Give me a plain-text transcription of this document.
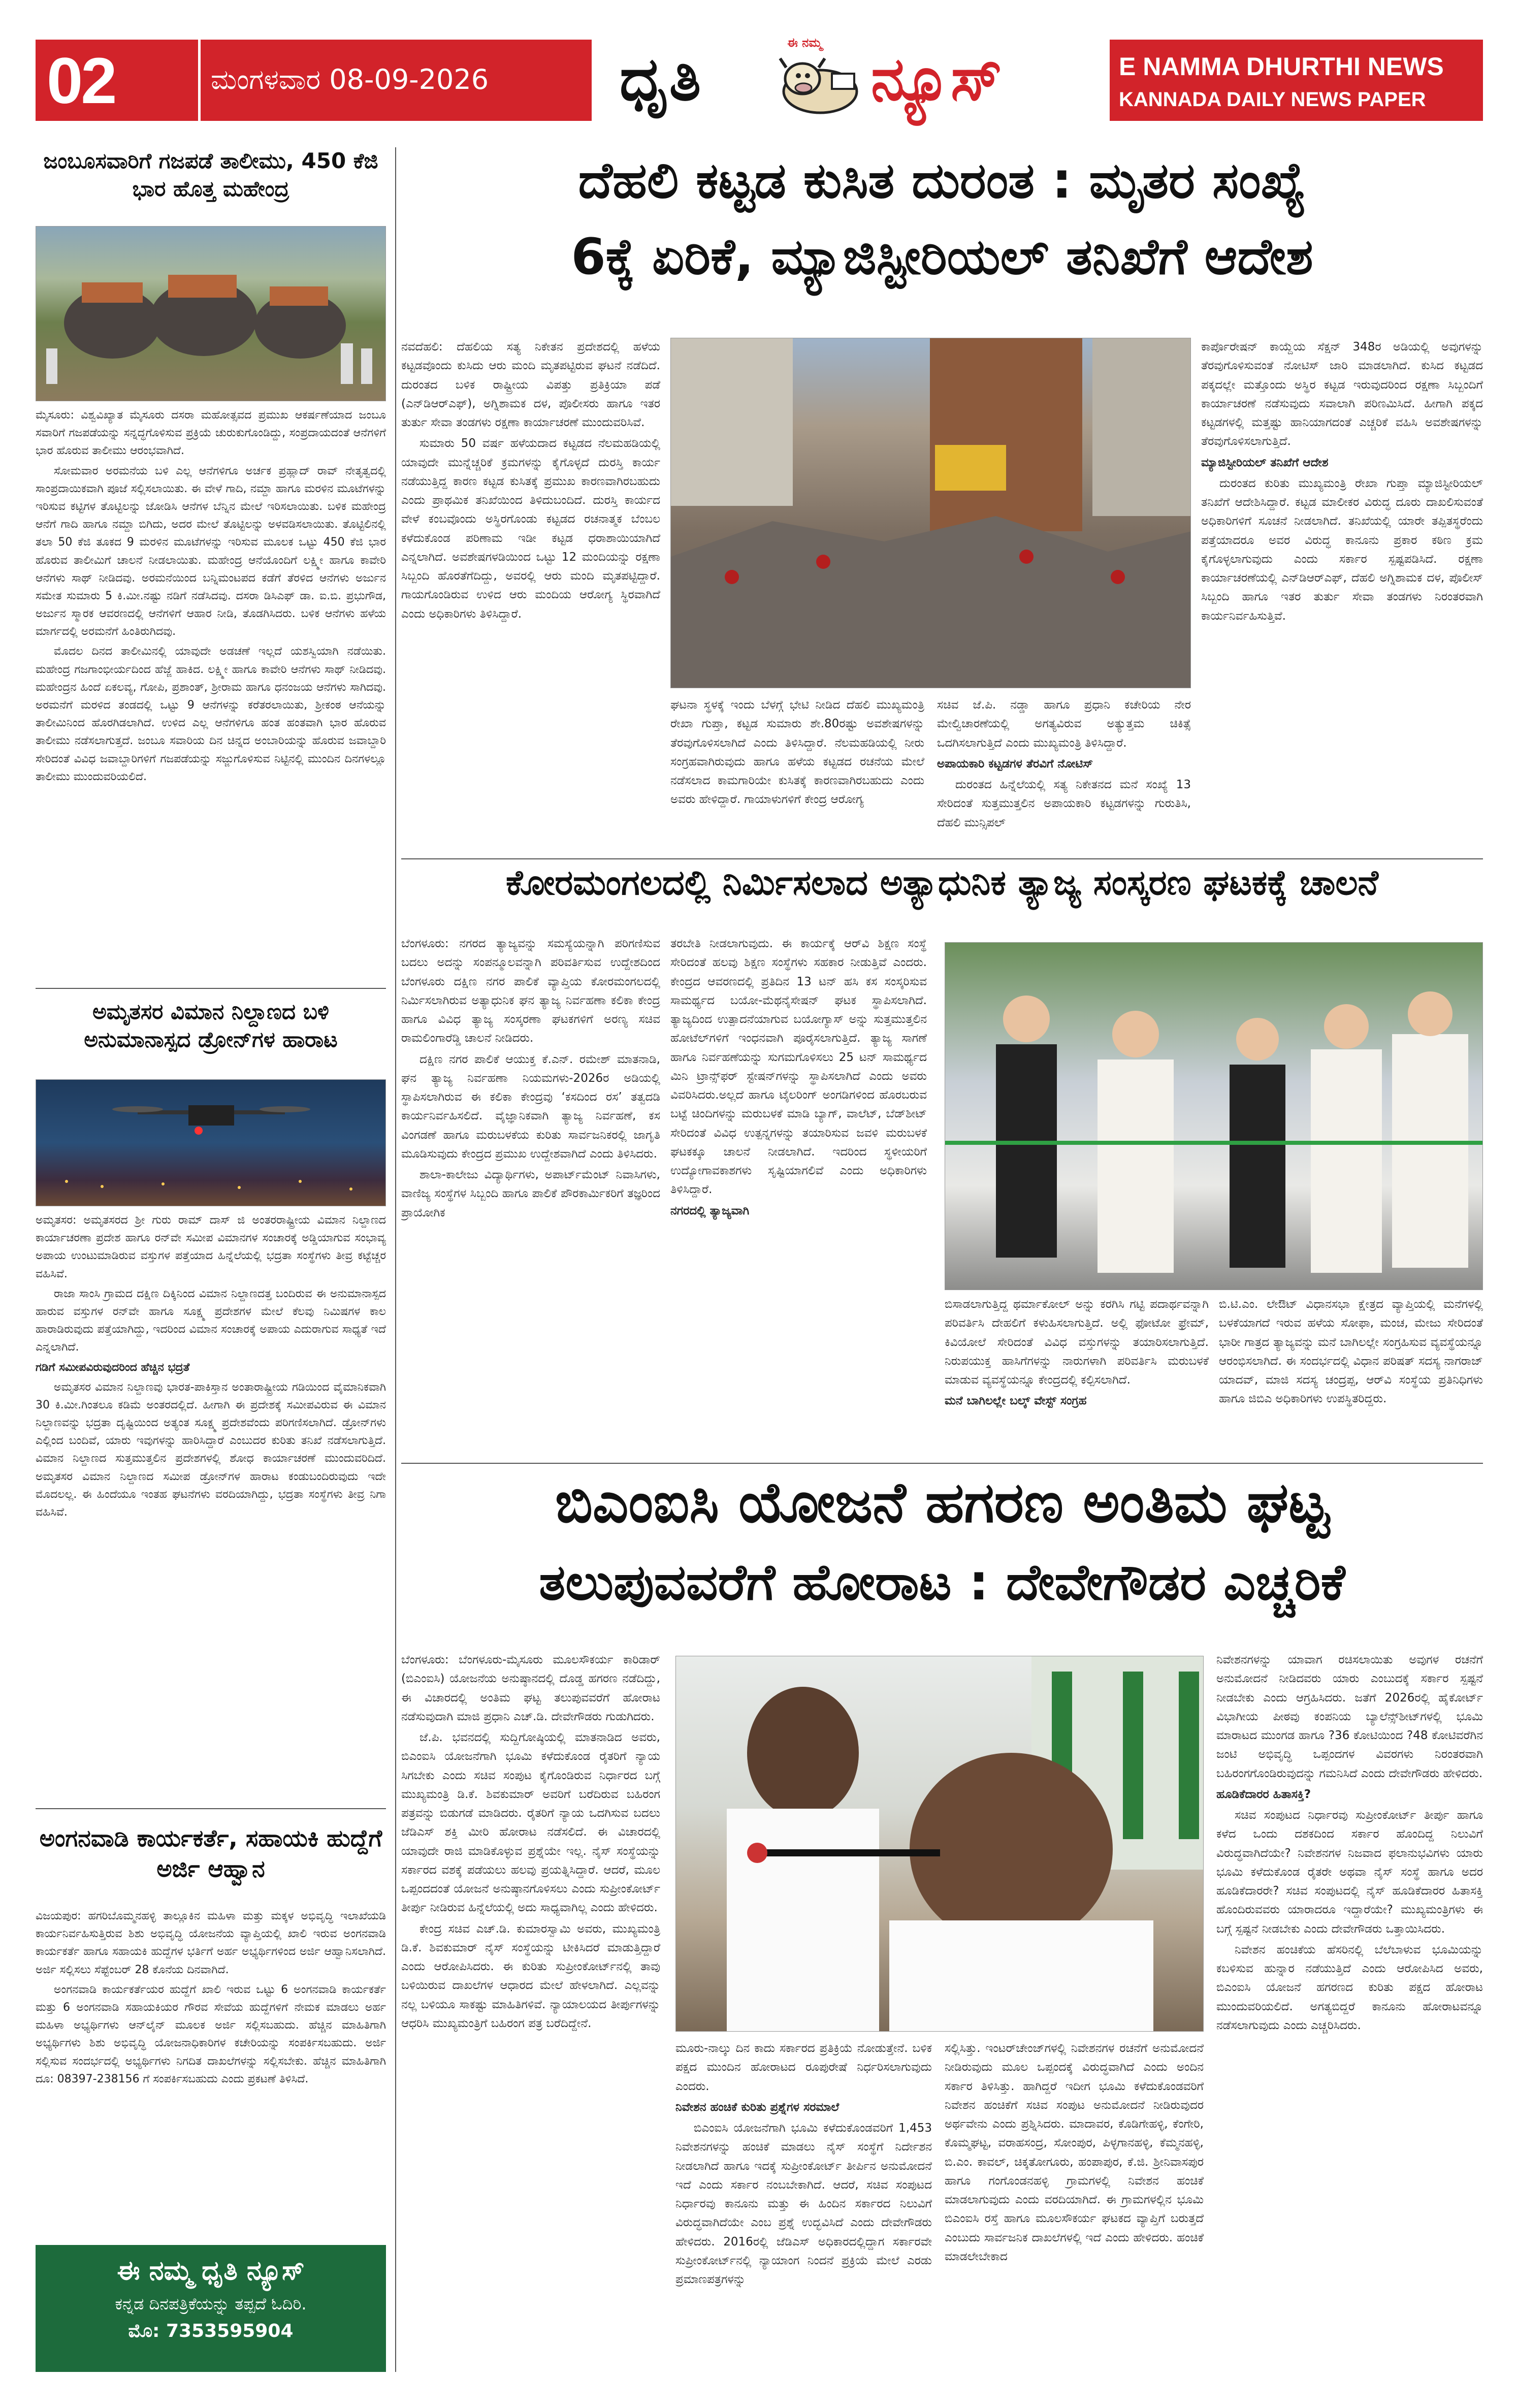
02	ಮಂಗಳವಾರ 08-09-2026 ಧೃತಿ
ಈ ನಮ್ಮ
ನ್ಯೂಸ್	E NAMMA DHURTHI NEWS
KANNADA DAILY NEWS PAPER
ಜಂಬೂಸವಾರಿಗೆ ಗಜಪಡೆ ತಾಲೀಮು, 450 ಕೆಜಿ ಭಾರ ಹೊತ್ತ ಮಹೇಂದ್ರ

ಮೈಸೂರು: ವಿಶ್ವವಿಖ್ಯಾತ ಮೈಸೂರು ದಸರಾ ಮಹೋತ್ಸವದ ಪ್ರಮುಖ ಆಕರ್ಷಣೆಯಾದ ಜಂಬೂ ಸವಾರಿಗೆ ಗಜಪಡೆಯನ್ನು ಸನ್ನದ್ಧಗೊಳಿಸುವ ಪ್ರಕ್ರಿಯೆ ಚುರುಕುಗೊಂಡಿದ್ದು, ಸಂಪ್ರದಾಯದಂತೆ ಆನೆಗಳಿಗೆ ಭಾರ ಹೊರುವ ತಾಲೀಮು ಆರಂಭವಾಗಿದೆ.

ಸೋಮವಾರ ಅರಮನೆಯ ಬಳಿ ಎಲ್ಲ ಆನೆಗಳಿಗೂ ಅರ್ಚಕ ಪ್ರಹ್ಲಾದ್ ರಾವ್ ನೇತೃತ್ವದಲ್ಲಿ ಸಾಂಪ್ರದಾಯಿಕವಾಗಿ ಪೂಜೆ ಸಲ್ಲಿಸಲಾಯಿತು. ಈ ವೇಳೆ ಗಾದಿ, ನಮ್ದಾ ಹಾಗೂ ಮರಳಿನ ಮೂಟೆಗಳನ್ನು ಇರಿಸುವ ಕಟ್ಟಿಗಳ ತೊಟ್ಟಿಲನ್ನು ಜೋಡಿಸಿ ಆನೆಗಳ ಬೆನ್ನಿನ ಮೇಲೆ ಇರಿಸಲಾಯಿತು. ಬಳಿಕ ಮಹೇಂದ್ರ ಆನೆಗೆ ಗಾದಿ ಹಾಗೂ ನಮ್ದಾ ಬಿಗಿದು, ಅದರ ಮೇಲೆ ತೊಟ್ಟಿಲನ್ನು ಅಳವಡಿಸಲಾಯಿತು. ತೊಟ್ಟಿಲಿನಲ್ಲಿ ತಲಾ 50 ಕೆಜಿ ತೂಕದ 9 ಮರಳಿನ ಮೂಟೆಗಳನ್ನು ಇರಿಸುವ ಮೂಲಕ ಒಟ್ಟು 450 ಕೆಜಿ ಭಾರ ಹೊರುವ ತಾಲೀಮಿಗೆ ಚಾಲನೆ ನೀಡಲಾಯಿತು. ಮಹೇಂದ್ರ ಆನೆಯೊಂದಿಗೆ ಲಕ್ಷ್ಮೀ ಹಾಗೂ ಕಾವೇರಿ ಆನೆಗಳು ಸಾಥ್ ನೀಡಿದವು. ಅರಮನೆಯಿಂದ ಬನ್ನಿಮಂಟಪದ ಕಡೆಗೆ ತೆರಳಿದ ಆನೆಗಳು ಅರ್ಜುನ ಸಮೇತ ಸುಮಾರು 5 ಕಿ.ಮೀ.ನಷ್ಟು ನಡಿಗೆ ನಡೆಸಿದವು. ದಸರಾ ಡಿಸಿಎಫ್ ಡಾ. ಐ.ಬಿ. ಪ್ರಭುಗೌಡ, ಅರ್ಜುನ ಸ್ಮಾರಕ ಆವರಣದಲ್ಲಿ ಆನೆಗಳಿಗೆ ಆಹಾರ ನೀಡಿ, ತೊಡಗಿಸಿದರು. ಬಳಿಕ ಆನೆಗಳು ಹಳೆಯ ಮಾರ್ಗದಲ್ಲಿ ಅರಮನೆಗೆ ಹಿಂತಿರುಗಿದವು.

ಮೊದಲ ದಿನದ ತಾಲೀಮಿನಲ್ಲಿ ಯಾವುದೇ ಅಡಚಣೆ ಇಲ್ಲದೆ ಯಶಸ್ವಿಯಾಗಿ ನಡೆಯಿತು. ಮಹೇಂದ್ರ ಗಜಗಾಂಭೀರ್ಯದಿಂದ ಹೆಜ್ಜೆ ಹಾಕಿದ. ಲಕ್ಷ್ಮೀ ಹಾಗೂ ಕಾವೇರಿ ಆನೆಗಳು ಸಾಥ್ ನೀಡಿದವು. ಮಹೇಂದ್ರನ ಹಿಂದೆ ಏಕಲವ್ಯ, ಗೋಪಿ, ಪ್ರಶಾಂತ್, ಶ್ರೀರಾಮ ಹಾಗೂ ಧನಂಜಯ ಆನೆಗಳು ಸಾಗಿದವು. ಅರಮನೆಗೆ ಮರಳಿದ ತಂಡದಲ್ಲಿ ಒಟ್ಟು 9 ಆನೆಗಳನ್ನು ಕರೆತರಲಾಯಿತು, ಶ್ರೀಕಂಠ ಆನೆಯನ್ನು ತಾಲೀಮಿನಿಂದ ಹೊರಗಿಡಲಾಗಿದೆ. ಉಳಿದ ಎಲ್ಲ ಆನೆಗಳಿಗೂ ಹಂತ ಹಂತವಾಗಿ ಭಾರ ಹೊರುವ ತಾಲೀಮು ನಡೆಸಲಾಗುತ್ತದೆ. ಜಂಬೂ ಸವಾರಿಯ ದಿನ ಚಿನ್ನದ ಅಂಬಾರಿಯನ್ನು ಹೊರುವ ಜವಾಬ್ದಾರಿ ಸೇರಿದಂತೆ ವಿವಿಧ ಜವಾಬ್ದಾರಿಗಳಿಗೆ ಗಜಪಡೆಯನ್ನು ಸಜ್ಜುಗೊಳಿಸುವ ನಿಟ್ಟಿನಲ್ಲಿ ಮುಂದಿನ ದಿನಗಳಲ್ಲೂ ತಾಲೀಮು ಮುಂದುವರಿಯಲಿದೆ.

ಅಮೃತಸರ ವಿಮಾನ ನಿಲ್ದಾಣದ ಬಳಿ ಅನುಮಾನಾಸ್ಪದ ಡ್ರೋನ್‌ಗಳ ಹಾರಾಟ

ಅಮೃತಸರ: ಅಮೃತಸರದ ಶ್ರೀ ಗುರು ರಾಮ್ ದಾಸ್ ಜಿ ಅಂತರರಾಷ್ಟ್ರೀಯ ವಿಮಾನ ನಿಲ್ದಾಣದ ಕಾರ್ಯಾಚರಣಾ ಪ್ರದೇಶ ಹಾಗೂ ರನ್‌ವೇ ಸಮೀಪ ವಿಮಾನಗಳ ಸಂಚಾರಕ್ಕೆ ಅಡ್ಡಿಯಾಗುವ ಸಂಭಾವ್ಯ ಅಪಾಯ ಉಂಟುಮಾಡಿರುವ ವಸ್ತುಗಳ ಪತ್ತೆಯಾದ ಹಿನ್ನೆಲೆಯಲ್ಲಿ ಭದ್ರತಾ ಸಂಸ್ಥೆಗಳು ತೀವ್ರ ಕಟ್ಟೆಚ್ಚರ ವಹಿಸಿವೆ.

ರಾಜಾ ಸಾಂಸಿ ಗ್ರಾಮದ ದಕ್ಷಿಣ ದಿಕ್ಕಿನಿಂದ ವಿಮಾನ ನಿಲ್ದಾಣದತ್ತ ಬಂದಿರುವ ಈ ಅನುಮಾನಾಸ್ಪದ ಹಾರುವ ವಸ್ತುಗಳ ರನ್‌ವೇ ಹಾಗೂ ಸೂಕ್ಷ್ಮ ಪ್ರದೇಶಗಳ ಮೇಲೆ ಕೆಲವು ನಿಮಿಷಗಳ ಕಾಲ ಹಾರಾಡಿರುವುದು ಪತ್ತೆಯಾಗಿದ್ದು, ಇದರಿಂದ ವಿಮಾನ ಸಂಚಾರಕ್ಕೆ ಅಪಾಯ ಎದುರಾಗುವ ಸಾಧ್ಯತೆ ಇದೆ ಎನ್ನಲಾಗಿದೆ.

ಗಡಿಗೆ ಸಮೀಪವಿರುವುದರಿಂದ ಹೆಚ್ಚಿನ ಭದ್ರತೆ

ಅಮೃತಸರ ವಿಮಾನ ನಿಲ್ದಾಣವು ಭಾರತ-ಪಾಕಿಸ್ತಾನ ಅಂತಾರಾಷ್ಟ್ರೀಯ ಗಡಿಯಿಂದ ವೈಮಾನಿಕವಾಗಿ 30 ಕಿ.ಮೀ.ಗಿಂತಲೂ ಕಡಿಮೆ ಅಂತರದಲ್ಲಿದೆ. ಹೀಗಾಗಿ ಈ ಪ್ರದೇಶಕ್ಕೆ ಸಮೀಪವಿರುವ ಈ ವಿಮಾನ ನಿಲ್ದಾಣವನ್ನು ಭದ್ರತಾ ದೃಷ್ಟಿಯಿಂದ ಅತ್ಯಂತ ಸೂಕ್ಷ್ಮ ಪ್ರದೇಶವೆಂದು ಪರಿಗಣಿಸಲಾಗಿದೆ. ಡ್ರೋನ್‌ಗಳು ಎಲ್ಲಿಂದ ಬಂದಿವೆ, ಯಾರು ಇವುಗಳನ್ನು ಹಾರಿಸಿದ್ದಾರೆ ಎಂಬುದರ ಕುರಿತು ತನಿಖೆ ನಡೆಸಲಾಗುತ್ತಿದೆ. ವಿಮಾನ ನಿಲ್ದಾಣದ ಸುತ್ತಮುತ್ತಲಿನ ಪ್ರದೇಶಗಳಲ್ಲಿ ಶೋಧ ಕಾರ್ಯಾಚರಣೆ ಮುಂದುವರಿದಿದೆ. ಅಮೃತಸರ ವಿಮಾನ ನಿಲ್ದಾಣದ ಸಮೀಪ ಡ್ರೋನ್‌ಗಳ ಹಾರಾಟ ಕಂಡುಬಂದಿರುವುದು ಇದೇ ಮೊದಲಲ್ಲ. ಈ ಹಿಂದೆಯೂ ಇಂತಹ ಘಟನೆಗಳು ವರದಿಯಾಗಿದ್ದು, ಭದ್ರತಾ ಸಂಸ್ಥೆಗಳು ತೀವ್ರ ನಿಗಾ ವಹಿಸಿವೆ.

ಅಂಗನವಾಡಿ ಕಾರ್ಯಕರ್ತೆ, ಸಹಾಯಕಿ ಹುದ್ದೆಗೆ ಅರ್ಜಿ ಆಹ್ವಾನ

ವಿಜಯಪುರ: ಹಗರಿಬೊಮ್ಮನಹಳ್ಳಿ ತಾಲ್ಲೂಕಿನ ಮಹಿಳಾ ಮತ್ತು ಮಕ್ಕಳ ಅಭಿವೃದ್ಧಿ ಇಲಾಖೆಯಡಿ ಕಾರ್ಯನಿರ್ವಹಿಸುತ್ತಿರುವ ಶಿಶು ಅಭಿವೃದ್ಧಿ ಯೋಜನೆಯ ವ್ಯಾಪ್ತಿಯಲ್ಲಿ ಖಾಲಿ ಇರುವ ಅಂಗನವಾಡಿ ಕಾರ್ಯಕರ್ತೆ ಹಾಗೂ ಸಹಾಯಕಿ ಹುದ್ದೆಗಳ ಭರ್ತಿಗೆ ಅರ್ಹ ಅಭ್ಯರ್ಥಿಗಳಿಂದ ಅರ್ಜಿ ಆಹ್ವಾನಿಸಲಾಗಿದೆ. ಅರ್ಜಿ ಸಲ್ಲಿಸಲು ಸೆಪ್ಟೆಂಬರ್ 28 ಕೊನೆಯ ದಿನವಾಗಿದೆ.

ಅಂಗನವಾಡಿ ಕಾರ್ಯಕರ್ತೆಯರ ಹುದ್ದೆಗೆ ಖಾಲಿ ಇರುವ ಒಟ್ಟು 6 ಅಂಗನವಾಡಿ ಕಾರ್ಯಕರ್ತೆ ಮತ್ತು 6 ಅಂಗನವಾಡಿ ಸಹಾಯಕಿಯರ ಗೌರವ ಸೇವೆಯ ಹುದ್ದೆಗಳಿಗೆ ನೇಮಕ ಮಾಡಲು ಅರ್ಹ ಮಹಿಳಾ ಅಭ್ಯರ್ಥಿಗಳು ಆನ್‌ಲೈನ್ ಮೂಲಕ ಅರ್ಜಿ ಸಲ್ಲಿಸಬಹುದು. ಹೆಚ್ಚಿನ ಮಾಹಿತಿಗಾಗಿ ಅಭ್ಯರ್ಥಿಗಳು ಶಿಶು ಅಭಿವೃದ್ಧಿ ಯೋಜನಾಧಿಕಾರಿಗಳ ಕಚೇರಿಯನ್ನು ಸಂಪರ್ಕಿಸಬಹುದು. ಅರ್ಜಿ ಸಲ್ಲಿಸುವ ಸಂದರ್ಭದಲ್ಲಿ ಅಭ್ಯರ್ಥಿಗಳು ನಿಗದಿತ ದಾಖಲೆಗಳನ್ನು ಸಲ್ಲಿಸಬೇಕು. ಹೆಚ್ಚಿನ ಮಾಹಿತಿಗಾಗಿ ದೂ: 08397-238156 ಗೆ ಸಂಪರ್ಕಿಸಬಹುದು ಎಂದು ಪ್ರಕಟಣೆ ತಿಳಿಸಿದೆ.

ಈ ನಮ್ಮ ಧೃತಿ ನ್ಯೂಸ್
ಕನ್ನಡ ದಿನಪತ್ರಿಕೆಯನ್ನು ತಪ್ಪದೆ ಓದಿರಿ.
ಮೊ: 7353595904
ದೆಹಲಿ ಕಟ್ಟಡ ಕುಸಿತ ದುರಂತ : ಮೃತರ ಸಂಖ್ಯೆ
6ಕ್ಕೆ ಏರಿಕೆ, ಮ್ಯಾಜಿಸ್ಟೀರಿಯಲ್ ತನಿಖೆಗೆ ಆದೇಶ

ನವದೆಹಲಿ: ದೆಹಲಿಯ ಸತ್ಯ ನಿಕೇತನ ಪ್ರದೇಶದಲ್ಲಿ ಹಳೆಯ ಕಟ್ಟಡವೊಂದು ಕುಸಿದು ಆರು ಮಂದಿ ಮೃತಪಟ್ಟಿರುವ ಘಟನೆ ನಡೆದಿದೆ. ದುರಂತದ ಬಳಿಕ ರಾಷ್ಟ್ರೀಯ ವಿಪತ್ತು ಪ್ರತಿಕ್ರಿಯಾ ಪಡೆ (ಎನ್‌ಡಿಆರ್‌ಎಫ್), ಅಗ್ನಿಶಾಮಕ ದಳ, ಪೊಲೀಸರು ಹಾಗೂ ಇತರ ತುರ್ತು ಸೇವಾ ತಂಡಗಳು ರಕ್ಷಣಾ ಕಾರ್ಯಾಚರಣೆ ಮುಂದುವರಿಸಿವೆ.

ಸುಮಾರು 50 ವರ್ಷ ಹಳೆಯದಾದ ಕಟ್ಟಡದ ನೆಲಮಹಡಿಯಲ್ಲಿ ಯಾವುದೇ ಮುನ್ನೆಚ್ಚರಿಕೆ ಕ್ರಮಗಳನ್ನು ಕೈಗೊಳ್ಳದೆ ದುರಸ್ತಿ ಕಾರ್ಯ ನಡೆಯುತ್ತಿದ್ದ ಕಾರಣ ಕಟ್ಟಡ ಕುಸಿತಕ್ಕೆ ಪ್ರಮುಖ ಕಾರಣವಾಗಿರಬಹುದು ಎಂದು ಪ್ರಾಥಮಿಕ ತನಿಖೆಯಿಂದ ತಿಳಿದುಬಂದಿದೆ. ದುರಸ್ತಿ ಕಾರ್ಯದ ವೇಳೆ ಕಂಬವೊಂದು ಅಸ್ಥಿರಗೊಂಡು ಕಟ್ಟಡದ ರಚನಾತ್ಮಕ ಬೆಂಬಲ ಕಳೆದುಕೊಂಡ ಪರಿಣಾಮ ಇಡೀ ಕಟ್ಟಡ ಧರಾಶಾಯಿಯಾಗಿದೆ ಎನ್ನಲಾಗಿದೆ. ಅವಶೇಷಗಳಡಿಯಿಂದ ಒಟ್ಟು 12 ಮಂದಿಯನ್ನು ರಕ್ಷಣಾ ಸಿಬ್ಬಂದಿ ಹೊರತೆಗೆದಿದ್ದು, ಅವರಲ್ಲಿ ಆರು ಮಂದಿ ಮೃತಪಟ್ಟಿದ್ದಾರೆ. ಗಾಯಗೊಂಡಿರುವ ಉಳಿದ ಆರು ಮಂದಿಯ ಆರೋಗ್ಯ ಸ್ಥಿರವಾಗಿದೆ ಎಂದು ಅಧಿಕಾರಿಗಳು ತಿಳಿಸಿದ್ದಾರೆ.

ಘಟನಾ ಸ್ಥಳಕ್ಕೆ ಇಂದು ಬೆಳಗ್ಗೆ ಭೇಟಿ ನೀಡಿದ ದೆಹಲಿ ಮುಖ್ಯಮಂತ್ರಿ ರೇಖಾ ಗುಪ್ತಾ, ಕಟ್ಟಡ ಸುಮಾರು ಶೇ.80ರಷ್ಟು ಅವಶೇಷಗಳನ್ನು ತೆರವುಗೊಳಿಸಲಾಗಿದೆ ಎಂದು ತಿಳಿಸಿದ್ದಾರೆ. ನೆಲಮಹಡಿಯಲ್ಲಿ ನೀರು ಸಂಗ್ರಹವಾಗಿರುವುದು ಹಾಗೂ ಹಳೆಯ ಕಟ್ಟಡದ ರಚನೆಯ ಮೇಲೆ ನಡೆಸಲಾದ ಕಾಮಗಾರಿಯೇ ಕುಸಿತಕ್ಕೆ ಕಾರಣವಾಗಿರಬಹುದು ಎಂದು ಅವರು ಹೇಳಿದ್ದಾರೆ. ಗಾಯಾಳುಗಳಿಗೆ ಕೇಂದ್ರ ಆರೋಗ್ಯ

ಸಚಿವ ಜೆ.ಪಿ. ನಡ್ಡಾ ಹಾಗೂ ಪ್ರಧಾನಿ ಕಚೇರಿಯ ನೇರ ಮೇಲ್ವಿಚಾರಣೆಯಲ್ಲಿ ಅಗತ್ಯವಿರುವ ಅತ್ಯುತ್ತಮ ಚಿಕಿತ್ಸೆ ಒದಗಿಸಲಾಗುತ್ತಿದೆ ಎಂದು ಮುಖ್ಯಮಂತ್ರಿ ತಿಳಿಸಿದ್ದಾರೆ.

ಅಪಾಯಕಾರಿ ಕಟ್ಟಡಗಳ ತೆರವಿಗೆ ನೋಟಿಸ್

ದುರಂತದ ಹಿನ್ನೆಲೆಯಲ್ಲಿ ಸತ್ಯ ನಿಕೇತನದ ಮನೆ ಸಂಖ್ಯೆ 13 ಸೇರಿದಂತೆ ಸುತ್ತಮುತ್ತಲಿನ ಅಪಾಯಕಾರಿ ಕಟ್ಟಡಗಳನ್ನು ಗುರುತಿಸಿ, ದೆಹಲಿ ಮುನ್ಸಿಪಲ್

ಕಾರ್ಪೊರೇಷನ್ ಕಾಯ್ದೆಯ ಸೆಕ್ಷನ್ 348ರ ಅಡಿಯಲ್ಲಿ ಅವುಗಳನ್ನು ತೆರವುಗೊಳಿಸುವಂತೆ ನೋಟಿಸ್ ಜಾರಿ ಮಾಡಲಾಗಿದೆ. ಕುಸಿದ ಕಟ್ಟಡದ ಪಕ್ಕದಲ್ಲೇ ಮತ್ತೊಂದು ಅಸ್ಥಿರ ಕಟ್ಟಡ ಇರುವುದರಿಂದ ರಕ್ಷಣಾ ಸಿಬ್ಬಂದಿಗೆ ಕಾರ್ಯಾಚರಣೆ ನಡೆಸುವುದು ಸವಾಲಾಗಿ ಪರಿಣಮಿಸಿದೆ. ಹೀಗಾಗಿ ಪಕ್ಕದ ಕಟ್ಟಡಗಳಲ್ಲಿ ಮತ್ತಷ್ಟು ಹಾನಿಯಾಗದಂತೆ ಎಚ್ಚರಿಕೆ ವಹಿಸಿ ಅವಶೇಷಗಳನ್ನು ತೆರವುಗೊಳಿಸಲಾಗುತ್ತಿದೆ.

ಮ್ಯಾಜಿಸ್ಟೀರಿಯಲ್ ತನಿಖೆಗೆ ಆದೇಶ

ದುರಂತದ ಕುರಿತು ಮುಖ್ಯಮಂತ್ರಿ ರೇಖಾ ಗುಪ್ತಾ ಮ್ಯಾಜಿಸ್ಟೀರಿಯಲ್ ತನಿಖೆಗೆ ಆದೇಶಿಸಿದ್ದಾರೆ. ಕಟ್ಟಡ ಮಾಲೀಕರ ವಿರುದ್ಧ ದೂರು ದಾಖಲಿಸುವಂತೆ ಅಧಿಕಾರಿಗಳಿಗೆ ಸೂಚನೆ ನೀಡಲಾಗಿದೆ. ತನಿಖೆಯಲ್ಲಿ ಯಾರೇ ತಪ್ಪಿತಸ್ಥರೆಂದು ಪತ್ತೆಯಾದರೂ ಅವರ ವಿರುದ್ಧ ಕಾನೂನು ಪ್ರಕಾರ ಕಠಿಣ ಕ್ರಮ ಕೈಗೊಳ್ಳಲಾಗುವುದು ಎಂದು ಸರ್ಕಾರ ಸ್ಪಷ್ಟಪಡಿಸಿದೆ. ರಕ್ಷಣಾ ಕಾರ್ಯಾಚರಣೆಯಲ್ಲಿ ಎನ್‌ಡಿಆರ್‌ಎಫ್, ದೆಹಲಿ ಅಗ್ನಿಶಾಮಕ ದಳ, ಪೊಲೀಸ್ ಸಿಬ್ಬಂದಿ ಹಾಗೂ ಇತರ ತುರ್ತು ಸೇವಾ ತಂಡಗಳು ನಿರಂತರವಾಗಿ ಕಾರ್ಯನಿರ್ವಹಿಸುತ್ತಿವೆ.

ಕೋರಮಂಗಲದಲ್ಲಿ ನಿರ್ಮಿಸಲಾದ ಅತ್ಯಾಧುನಿಕ ತ್ಯಾಜ್ಯ ಸಂಸ್ಕರಣ ಘಟಕಕ್ಕೆ ಚಾಲನೆ

ಬೆಂಗಳೂರು: ನಗರದ ತ್ಯಾಜ್ಯವನ್ನು ಸಮಸ್ಯೆಯನ್ನಾಗಿ ಪರಿಗಣಿಸುವ ಬದಲು ಅದನ್ನು ಸಂಪನ್ಮೂಲವನ್ನಾಗಿ ಪರಿವರ್ತಿಸುವ ಉದ್ದೇಶದಿಂದ ಬೆಂಗಳೂರು ದಕ್ಷಿಣ ನಗರ ಪಾಲಿಕೆ ವ್ಯಾಪ್ತಿಯ ಕೋರಮಂಗಲದಲ್ಲಿ ನಿರ್ಮಿಸಲಾಗಿರುವ ಅತ್ಯಾಧುನಿಕ ಘನ ತ್ಯಾಜ್ಯ ನಿರ್ವಹಣಾ ಕಲಿಕಾ ಕೇಂದ್ರ ಹಾಗೂ ವಿವಿಧ ತ್ಯಾಜ್ಯ ಸಂಸ್ಕರಣಾ ಘಟಕಗಳಿಗೆ ಅರಣ್ಯ ಸಚಿವ ರಾಮಲಿಂಗಾರೆಡ್ಡಿ ಚಾಲನೆ ನೀಡಿದರು.

ದಕ್ಷಿಣ ನಗರ ಪಾಲಿಕೆ ಆಯುಕ್ತ ಕೆ.ಎನ್. ರಮೇಶ್ ಮಾತನಾಡಿ, ಘನ ತ್ಯಾಜ್ಯ ನಿರ್ವಹಣಾ ನಿಯಮಗಳು-2026ರ ಅಡಿಯಲ್ಲಿ ಸ್ಥಾಪಿಸಲಾಗಿರುವ ಈ ಕಲಿಕಾ ಕೇಂದ್ರವು ‘ಕಸದಿಂದ ರಸ’ ತತ್ವದಡಿ ಕಾರ್ಯನಿರ್ವಹಿಸಲಿದೆ. ವೈಜ್ಞಾನಿಕವಾಗಿ ತ್ಯಾಜ್ಯ ನಿರ್ವಹಣೆ, ಕಸ ವಿಂಗಡಣೆ ಹಾಗೂ ಮರುಬಳಕೆಯ ಕುರಿತು ಸಾರ್ವಜನಿಕರಲ್ಲಿ ಜಾಗೃತಿ ಮೂಡಿಸುವುದು ಕೇಂದ್ರದ ಪ್ರಮುಖ ಉದ್ದೇಶವಾಗಿದೆ ಎಂದು ತಿಳಿಸಿದರು.

ಶಾಲಾ-ಕಾಲೇಜು ವಿದ್ಯಾರ್ಥಿಗಳು, ಅಪಾರ್ಟ್‌ಮೆಂಟ್ ನಿವಾಸಿಗಳು, ವಾಣಿಜ್ಯ ಸಂಸ್ಥೆಗಳ ಸಿಬ್ಬಂದಿ ಹಾಗೂ ಪಾಲಿಕೆ ಪೌರಕಾರ್ಮಿಕರಿಗೆ ತಜ್ಞರಿಂದ ಪ್ರಾಯೋಗಿಕ

ತರಬೇತಿ ನೀಡಲಾಗುವುದು. ಈ ಕಾರ್ಯಕ್ಕೆ ಆರ್‌ವಿ ಶಿಕ್ಷಣ ಸಂಸ್ಥೆ ಸೇರಿದಂತೆ ಹಲವು ಶಿಕ್ಷಣ ಸಂಸ್ಥೆಗಳು ಸಹಕಾರ ನೀಡುತ್ತಿವೆ ಎಂದರು. ಕೇಂದ್ರದ ಆವರಣದಲ್ಲಿ ಪ್ರತಿದಿನ 13 ಟನ್ ಹಸಿ ಕಸ ಸಂಸ್ಕರಿಸುವ ಸಾಮರ್ಥ್ಯದ ಬಯೋ-ಮೆಥನೈಸೇಷನ್ ಘಟಕ ಸ್ಥಾಪಿಸಲಾಗಿದೆ. ತ್ಯಾಜ್ಯದಿಂದ ಉತ್ಪಾದನೆಯಾಗುವ ಬಯೋಗ್ಯಾಸ್ ಅನ್ನು ಸುತ್ತಮುತ್ತಲಿನ ಹೋಟೆಲ್‌ಗಳಿಗೆ ಇಂಧನವಾಗಿ ಪೂರೈಸಲಾಗುತ್ತಿದೆ. ತ್ಯಾಜ್ಯ ಸಾಗಣೆ ಹಾಗೂ ನಿರ್ವಹಣೆಯನ್ನು ಸುಗಮಗೊಳಿಸಲು 25 ಟನ್ ಸಾಮರ್ಥ್ಯದ ಮಿನಿ ಟ್ರಾನ್ಸ್‌ಫರ್ ಸ್ಟೇಷನ್‌ಗಳನ್ನು ಸ್ಥಾಪಿಸಲಾಗಿದೆ ಎಂದು ಅವರು ವಿವರಿಸಿದರು.ಅಲ್ಲದೆ ಹಾಗೂ ಟೈಲರಿಂಗ್ ಅಂಗಡಿಗಳಿಂದ ಹೊರಬರುವ ಬಟ್ಟೆ ಚಿಂದಿಗಳನ್ನು ಮರುಬಳಕೆ ಮಾಡಿ ಬ್ಯಾಗ್, ವಾಲೆಟ್, ಬೆಡ್‌ಶೀಟ್ ಸೇರಿದಂತೆ ವಿವಿಧ ಉತ್ಪನ್ನಗಳನ್ನು ತಯಾರಿಸುವ ಜವಳಿ ಮರುಬಳಕೆ ಘಟಕಕ್ಕೂ ಚಾಲನೆ ನೀಡಲಾಗಿದೆ. ಇದರಿಂದ ಸ್ಥಳೀಯರಿಗೆ ಉದ್ಯೋಗಾವಕಾಶಗಳು ಸೃಷ್ಟಿಯಾಗಲಿವೆ ಎಂದು ಅಧಿಕಾರಿಗಳು ತಿಳಿಸಿದ್ದಾರೆ.

ನಗರದಲ್ಲಿ ತ್ಯಾಜ್ಯವಾಗಿ

ಬಿಸಾಡಲಾಗುತ್ತಿದ್ದ ಥರ್ಮಾಕೋಲ್ ಅನ್ನು ಕರಗಿಸಿ ಗಟ್ಟಿ ಪದಾರ್ಥವನ್ನಾಗಿ ಪರಿವರ್ತಿಸಿ ದೇಹಲಿಗೆ ಕಳುಹಿಸಲಾಗುತ್ತಿದೆ. ಅಲ್ಲಿ ಫೋಟೋ ಫ್ರೇಮ್, ಕಿವಿಯೋಲೆ ಸೇರಿದಂತೆ ವಿವಿಧ ವಸ್ತುಗಳನ್ನು ತಯಾರಿಸಲಾಗುತ್ತಿದೆ. ನಿರುಪಯುಕ್ತ ಹಾಸಿಗೆಗಳನ್ನು ನಾರುಗಳಾಗಿ ಪರಿವರ್ತಿಸಿ ಮರುಬಳಕೆ ಮಾಡುವ ವ್ಯವಸ್ಥೆಯನ್ನೂ ಕೇಂದ್ರದಲ್ಲಿ ಕಲ್ಪಿಸಲಾಗಿದೆ.

ಮನೆ ಬಾಗಿಲಲ್ಲೇ ಬಲ್ಕ್ ವೇಸ್ಟ್ ಸಂಗ್ರಹ

ಬಿ.ಟಿ.ಎಂ. ಲೇಔಟ್ ವಿಧಾನಸಭಾ ಕ್ಷೇತ್ರದ ವ್ಯಾಪ್ತಿಯಲ್ಲಿ ಮನೆಗಳಲ್ಲಿ ಬಳಕೆಯಾಗದೆ ಇರುವ ಹಳೆಯ ಸೋಫಾ, ಮಂಚ, ಮೇಜು ಸೇರಿದಂತೆ ಭಾರೀ ಗಾತ್ರದ ತ್ಯಾಜ್ಯವನ್ನು ಮನೆ ಬಾಗಿಲಲ್ಲೇ ಸಂಗ್ರಹಿಸುವ ವ್ಯವಸ್ಥೆಯನ್ನೂ ಆರಂಭಿಸಲಾಗಿದೆ. ಈ ಸಂದರ್ಭದಲ್ಲಿ ವಿಧಾನ ಪರಿಷತ್ ಸದಸ್ಯ ನಾಗರಾಜ್ ಯಾದವ್, ಮಾಜಿ ಸದಸ್ಯ ಚಂದ್ರಪ್ಪ, ಆರ್‌ವಿ ಸಂಸ್ಥೆಯ ಪ್ರತಿನಿಧಿಗಳು ಹಾಗೂ ಜಿಬಿಎ ಅಧಿಕಾರಿಗಳು ಉಪಸ್ಥಿತರಿದ್ದರು.
ಬಿಎಂಐಸಿ ಯೋಜನೆ ಹಗರಣ ಅಂತಿಮ ಘಟ್ಟ
ತಲುಪುವವರೆಗೆ ಹೋರಾಟ : ದೇವೇಗೌಡರ ಎಚ್ಚರಿಕೆ

ಬೆಂಗಳೂರು: ಬೆಂಗಳೂರು-ಮೈಸೂರು ಮೂಲಸೌಕರ್ಯ ಕಾರಿಡಾರ್ (ಬಿಎಂಐಸಿ) ಯೋಜನೆಯ ಅನುಷ್ಠಾನದಲ್ಲಿ ದೊಡ್ಡ ಹಗರಣ ನಡೆದಿದ್ದು, ಈ ವಿಚಾರದಲ್ಲಿ ಅಂತಿಮ ಘಟ್ಟ ತಲುಪುವವರೆಗೆ ಹೋರಾಟ ನಡೆಸುವುದಾಗಿ ಮಾಜಿ ಪ್ರಧಾನಿ ಎಚ್.ಡಿ. ದೇವೇಗೌಡರು ಗುಡುಗಿದರು.

ಜೆ.ಪಿ. ಭವನದಲ್ಲಿ ಸುದ್ದಿಗೋಷ್ಠಿಯಲ್ಲಿ ಮಾತನಾಡಿದ ಅವರು, ಬಿಎಂಐಸಿ ಯೋಜನೆಗಾಗಿ ಭೂಮಿ ಕಳೆದುಕೊಂಡ ರೈತರಿಗೆ ನ್ಯಾಯ ಸಿಗಬೇಕು ಎಂದು ಸಚಿವ ಸಂಪುಟ ಕೈಗೊಂಡಿರುವ ನಿರ್ಧಾರದ ಬಗ್ಗೆ ಮುಖ್ಯಮಂತ್ರಿ ಡಿ.ಕೆ. ಶಿವಕುಮಾರ್ ಅವರಿಗೆ ಬರೆದಿರುವ ಬಹಿರಂಗ ಪತ್ರವನ್ನು ಬಿಡುಗಡೆ ಮಾಡಿದರು. ರೈತರಿಗೆ ನ್ಯಾಯ ಒದಗಿಸುವ ಬದಲು ಜೆಡಿಎಸ್ ಶಕ್ತಿ ಮೀರಿ ಹೋರಾಟ ನಡೆಸಲಿದೆ. ಈ ವಿಚಾರದಲ್ಲಿ ಯಾವುದೇ ರಾಜಿ ಮಾಡಿಕೊಳ್ಳುವ ಪ್ರಶ್ನೆಯೇ ಇಲ್ಲ. ನೈಸ್ ಸಂಸ್ಥೆಯನ್ನು ಸರ್ಕಾರದ ವಶಕ್ಕೆ ಪಡೆಯಲು ಹಲವು ಪ್ರಯತ್ನಿಸಿದ್ದಾರೆ. ಆದರೆ, ಮೂಲ ಒಪ್ಪಂದದಂತೆ ಯೋಜನೆ ಅನುಷ್ಠಾನಗೊಳಿಸಲು ಎಂದು ಸುಪ್ರೀಂಕೋರ್ಟ್ ತೀರ್ಪು ನೀಡಿರುವ ಹಿನ್ನೆಲೆಯಲ್ಲಿ ಅದು ಸಾಧ್ಯವಾಗಿಲ್ಲ ಎಂದು ಹೇಳಿದರು.

ಕೇಂದ್ರ ಸಚಿವ ಎಚ್.ಡಿ. ಕುಮಾರಸ್ವಾಮಿ ಅವರು, ಮುಖ್ಯಮಂತ್ರಿ ಡಿ.ಕೆ. ಶಿವಕುಮಾರ್ ನೈಸ್ ಸಂಸ್ಥೆಯನ್ನು ಟೀಕಿಸಿದರೆ ಮಾಡುತ್ತಿದ್ದಾರೆ ಎಂದು ಆರೋಪಿಸಿದರು. ಈ ಕುರಿತು ಸುಪ್ರೀಂಕೋರ್ಟ್‌ನಲ್ಲಿ ತಾವು ಬಳಿಯಿರುವ ದಾಖಲೆಗಳ ಆಧಾರದ ಮೇಲೆ ಹೇಳಲಾಗಿದೆ. ಎಲ್ಲವನ್ನು ನಲ್ಲ ಬಳಿಯೂ ಸಾಕಷ್ಟು ಮಾಹಿತಿಗಳಿವೆ. ನ್ಯಾಯಾಲಯದ ತೀರ್ಪುಗಳನ್ನು ಆಧರಿಸಿ ಮುಖ್ಯಮಂತ್ರಿಗೆ ಬಹಿರಂಗ ಪತ್ರ ಬರೆದಿದ್ದೇನೆ.

ಮೂರು-ನಾಲ್ಕು ದಿನ ಕಾದು ಸರ್ಕಾರದ ಪ್ರತಿಕ್ರಿಯೆ ನೋಡುತ್ತೇನೆ. ಬಳಿಕ ಪಕ್ಷದ ಮುಂದಿನ ಹೋರಾಟದ ರೂಪುರೇಷೆ ನಿರ್ಧರಿಸಲಾಗುವುದು ಎಂದರು.

ನಿವೇಶನ ಹಂಚಿಕೆ ಕುರಿತು ಪ್ರಶ್ನೆಗಳ ಸರಮಾಲೆ

ಬಿಎಂಐಸಿ ಯೋಜನೆಗಾಗಿ ಭೂಮಿ ಕಳೆದುಕೊಂಡವರಿಗೆ 1,453 ನಿವೇಶನಗಳನ್ನು ಹಂಚಿಕೆ ಮಾಡಲು ನೈಸ್ ಸಂಸ್ಥೆಗೆ ನಿರ್ದೇಶನ ನೀಡಲಾಗಿದೆ ಹಾಗೂ ಇದಕ್ಕೆ ಸುಪ್ರೀಂಕೋರ್ಟ್ ತೀರ್ಪಿನ ಅನುಮೋದನೆ ಇದೆ ಎಂದು ಸರ್ಕಾರ ನಂಬಬೇಕಾಗಿದೆ. ಆದರೆ, ಸಚಿವ ಸಂಪುಟದ ನಿರ್ಧಾರವು ಕಾನೂನು ಮತ್ತು ಈ ಹಿಂದಿನ ಸರ್ಕಾರದ ನಿಲುವಿಗೆ ವಿರುದ್ಧವಾಗಿದೆಯೇ ಎಂಬ ಪ್ರಶ್ನೆ ಉದ್ಭವಿಸಿದೆ ಎಂದು ದೇವೇಗೌಡರು ಹೇಳಿದರು. 2016ರಲ್ಲಿ ಜೆಡಿಎಸ್ ಅಧಿಕಾರದಲ್ಲಿದ್ದಾಗ ಸರ್ಕಾರವೇ ಸುಪ್ರೀಂಕೋರ್ಟ್‌ನಲ್ಲಿ ನ್ಯಾಯಾಂಗ ನಿಂದನೆ ಪ್ರಕ್ರಿಯೆ ಮೇಲೆ ಎರಡು ಪ್ರಮಾಣಪತ್ರಗಳನ್ನು

ಸಲ್ಲಿಸಿತ್ತು. ಇಂಟರ್‌ಚೇಂಜ್‌ಗಳಲ್ಲಿ ನಿವೇಶನಗಳ ರಚನೆಗೆ ಅನುಮೋದನೆ ನೀಡಿರುವುದು ಮೂಲ ಒಪ್ಪಂದಕ್ಕೆ ವಿರುದ್ಧವಾಗಿದೆ ಎಂದು ಅಂದಿನ ಸರ್ಕಾರ ತಿಳಿಸಿತ್ತು. ಹಾಗಿದ್ದರೆ ಇದೀಗ ಭೂಮಿ ಕಳೆದುಕೊಂಡವರಿಗೆ ನಿವೇಶನ ಹಂಚಿಕೆಗೆ ಸಚಿವ ಸಂಪುಟ ಅನುಮೋದನೆ ನೀಡಿರುವುದರ ಅರ್ಥವೇನು ಎಂದು ಪ್ರಶ್ನಿಸಿದರು. ಮಾದಾವರ, ಕೊಡಿಗೇಹಳ್ಳಿ, ಕೆಂಗೇರಿ, ಕೊಮ್ಮಘಟ್ಟ, ವರಾಹಸಂದ್ರ, ಸೋಂಪುರ, ಪಿಳ್ಳಗಾನಹಳ್ಳಿ, ಕೆಮ್ಮನಹಳ್ಳಿ, ಬಿ.ಎಂ. ಕಾವಲ್, ಚಿಕ್ಕತೋಗೂರು, ಹಂಪಾಪುರ, ಕೆ.ಜಿ. ಶ್ರೀನಿವಾಸಪುರ ಹಾಗೂ ಗಂಗೊಂಡನಹಳ್ಳಿ ಗ್ರಾಮಗಳಲ್ಲಿ ನಿವೇಶನ ಹಂಚಿಕೆ ಮಾಡಲಾಗುವುದು ಎಂದು ವರದಿಯಾಗಿದೆ. ಈ ಗ್ರಾಮಗಳಲ್ಲಿನ ಭೂಮಿ ಬಿಎಂಐಸಿ ರಸ್ತೆ ಹಾಗೂ ಮೂಲಸೌಕರ್ಯ ಘಟಕದ ವ್ಯಾಪ್ತಿಗೆ ಬರುತ್ತದೆ ಎಂಬುದು ಸಾರ್ವಜನಿಕ ದಾಖಲೆಗಳಲ್ಲಿ ಇದೆ ಎಂದು ಹೇಳಿದರು. ಹಂಚಿಕೆ ಮಾಡಲೇಬೇಕಾದ

ನಿವೇಶನಗಳನ್ನು ಯಾವಾಗ ರಚಿಸಲಾಯಿತು ಅವುಗಳ ರಚನೆಗೆ ಅನುಮೋದನೆ ನೀಡಿದವರು ಯಾರು ಎಂಬುದಕ್ಕೆ ಸರ್ಕಾರ ಸ್ಪಷ್ಟನೆ ನೀಡಬೇಕು ಎಂದು ಆಗ್ರಹಿಸಿದರು. ಜತೆಗೆ 2026ರಲ್ಲಿ ಹೈಕೋರ್ಟ್ ವಿಭಾಗೀಯ ಪೀಠವು ಕಂಪನಿಯ ಬ್ಯಾಲೆನ್ಸ್‌ಶೀಟ್‌ಗಳಲ್ಲಿ ಭೂಮಿ ಮಾರಾಟದ ಮುಂಗಡ ಹಾಗೂ ?36 ಕೋಟಿಯಿಂದ ?48 ಕೋಟಿವರೆಗಿನ ಜಂಟಿ ಅಭಿವೃದ್ಧಿ ಒಪ್ಪಂದಗಳ ವಿವರಗಳು ನಿರಂತರವಾಗಿ ಬಹಿರಂಗಗೊಂಡಿರುವುದನ್ನು ಗಮನಿಸಿದೆ ಎಂದು ದೇವೇಗೌಡರು ಹೇಳಿದರು.

ಹೂಡಿಕೆದಾರರ ಹಿತಾಸಕ್ತಿ?

ಸಚಿವ ಸಂಪುಟದ ನಿರ್ಧಾರವು ಸುಪ್ರೀಂಕೋರ್ಟ್ ತೀರ್ಪು ಹಾಗೂ ಕಳೆದ ಒಂದು ದಶಕದಿಂದ ಸರ್ಕಾರ ಹೊಂದಿದ್ದ ನಿಲುವಿಗೆ ವಿರುದ್ಧವಾಗಿದೆಯೇ? ನಿವೇಶನಗಳ ನಿಜವಾದ ಫಲಾನುಭವಿಗಳು ಯಾರು ಭೂಮಿ ಕಳೆದುಕೊಂಡ ರೈತರೇ ಅಥವಾ ನೈಸ್ ಸಂಸ್ಥೆ ಹಾಗೂ ಅದರ ಹೂಡಿಕೆದಾರರೇ? ಸಚಿವ ಸಂಪುಟದಲ್ಲಿ ನೈಸ್ ಹೂಡಿಕೆದಾರರ ಹಿತಾಸಕ್ತಿ ಹೊಂದಿರುವವರು ಯಾರಾದರೂ ಇದ್ದಾರೆಯೇ? ಮುಖ್ಯಮಂತ್ರಿಗಳು ಈ ಬಗ್ಗೆ ಸ್ಪಷ್ಟನೆ ನೀಡಬೇಕು ಎಂದು ದೇವೇಗೌಡರು ಒತ್ತಾಯಿಸಿದರು.

ನಿವೇಶನ ಹಂಚಿಕೆಯ ಹೆಸರಿನಲ್ಲಿ ಬೆಲೆಬಾಳುವ ಭೂಮಿಯನ್ನು ಕಬಳಿಸುವ ಹುನ್ನಾರ ನಡೆಯುತ್ತಿದೆ ಎಂದು ಆರೋಪಿಸಿದ ಅವರು, ಬಿಎಂಐಸಿ ಯೋಜನೆ ಹಗರಣದ ಕುರಿತು ಪಕ್ಷದ ಹೋರಾಟ ಮುಂದುವರಿಯಲಿದೆ. ಅಗತ್ಯಬಿದ್ದರೆ ಕಾನೂನು ಹೋರಾಟವನ್ನೂ ನಡೆಸಲಾಗುವುದು ಎಂದು ಎಚ್ಚರಿಸಿದರು.
